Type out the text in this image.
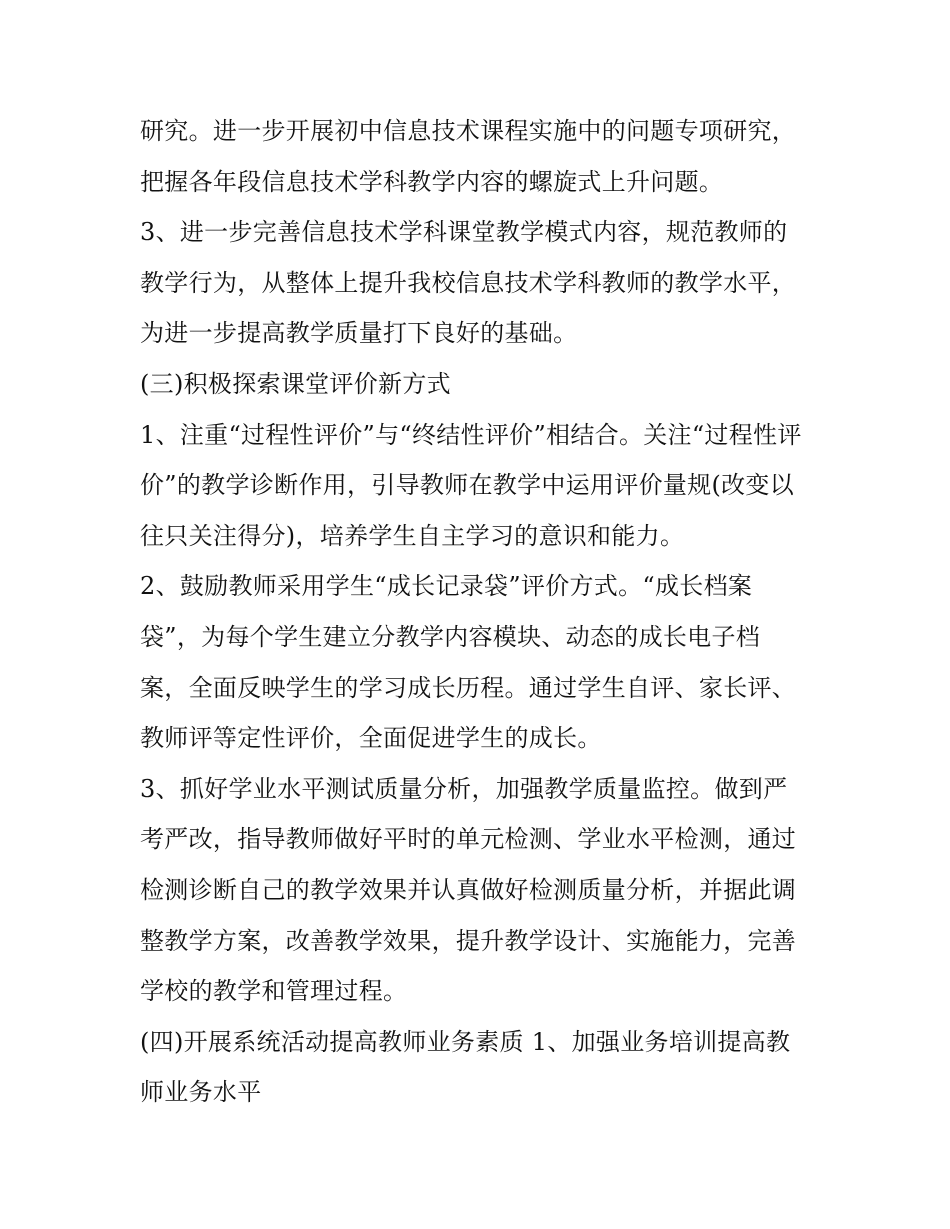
研究。进一步开展初中信息技术课程实施中的问题专项研究，
把握各年段信息技术学科教学内容的螺旋式上升问题。
3、进一步完善信息技术学科课堂教学模式内容，规范教师的
教学行为，从整体上提升我校信息技术学科教师的教学水平，
为进一步提高教学质量打下良好的基础。
(三)积极探索课堂评价新方式
1、注重“过程性评价”与“终结性评价”相结合。关注“过程性评
价”的教学诊断作用，引导教师在教学中运用评价量规(改变以
往只关注得分)，培养学生自主学习的意识和能力。
2、鼓励教师采用学生“成长记录袋”评价方式。“成长档案
袋”，为每个学生建立分教学内容模块、动态的成长电子档
案，全面反映学生的学习成长历程。通过学生自评、家长评、
教师评等定性评价，全面促进学生的成长。
3、抓好学业水平测试质量分析，加强教学质量监控。做到严
考严改，指导教师做好平时的单元检测、学业水平检测，通过
检测诊断自己的教学效果并认真做好检测质量分析，并据此调
整教学方案，改善教学效果，提升教学设计、实施能力，完善
学校的教学和管理过程。
(四)开展系统活动提高教师业务素质 1、加强业务培训提高教
师业务水平
